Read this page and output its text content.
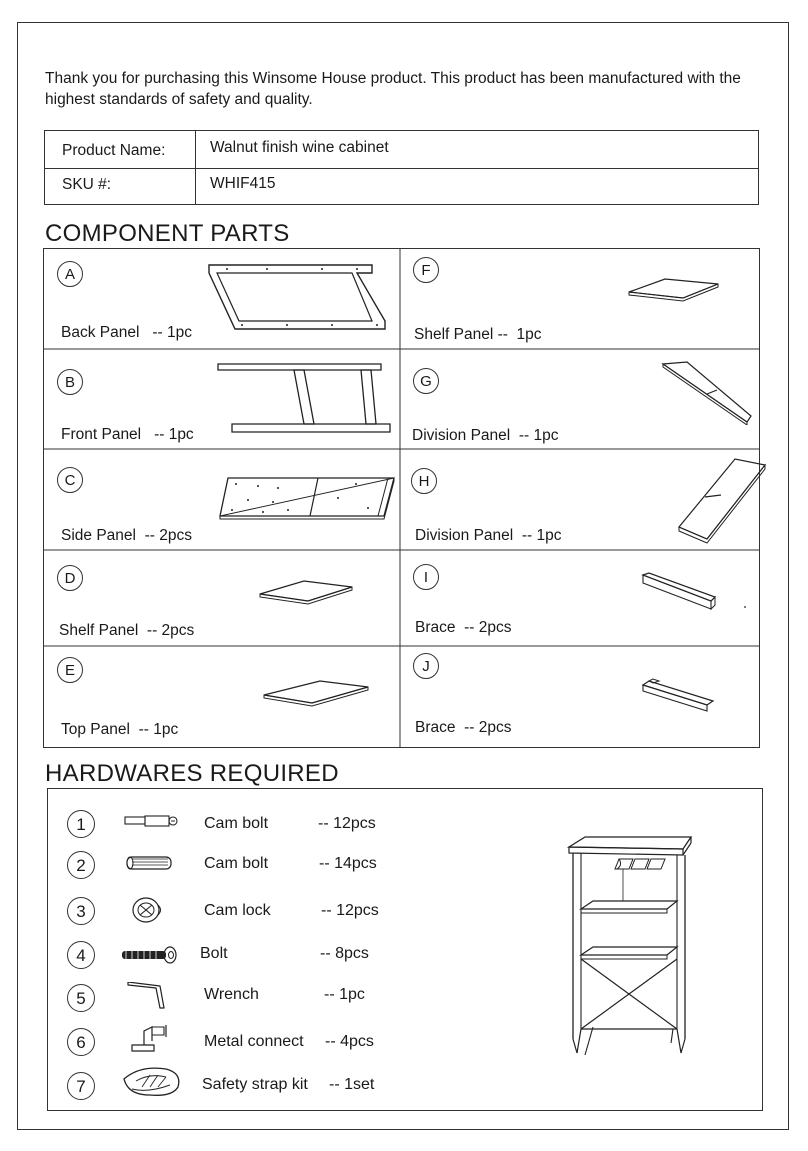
Thank you for purchasing this Winsome House product. This product has been manufactured with the highest standards of safety and quality.
Product Name:	Walnut finish wine cabinet
SKU #:	WHIF415
COMPONENT PARTS
A
Back Panel -- 1pc
F
Shelf Panel -- 1pc
B
Front Panel -- 1pc
G
Division Panel -- 1pc
C
Side Panel -- 2pcs
H
Division Panel -- 1pc
D
Shelf Panel -- 2pcs
I
Brace -- 2pcs
E
Top Panel -- 1pc
J
Brace -- 2pcs
HARDWARES REQUIRED
1	Cam bolt	-- 12pcs
2	Cam bolt	-- 14pcs
3	Cam lock	-- 12pcs
4	Bolt	-- 8pcs
5	Wrench	-- 1pc
6	Metal connect -- 4pcs
7	Safety strap kit -- 1set
